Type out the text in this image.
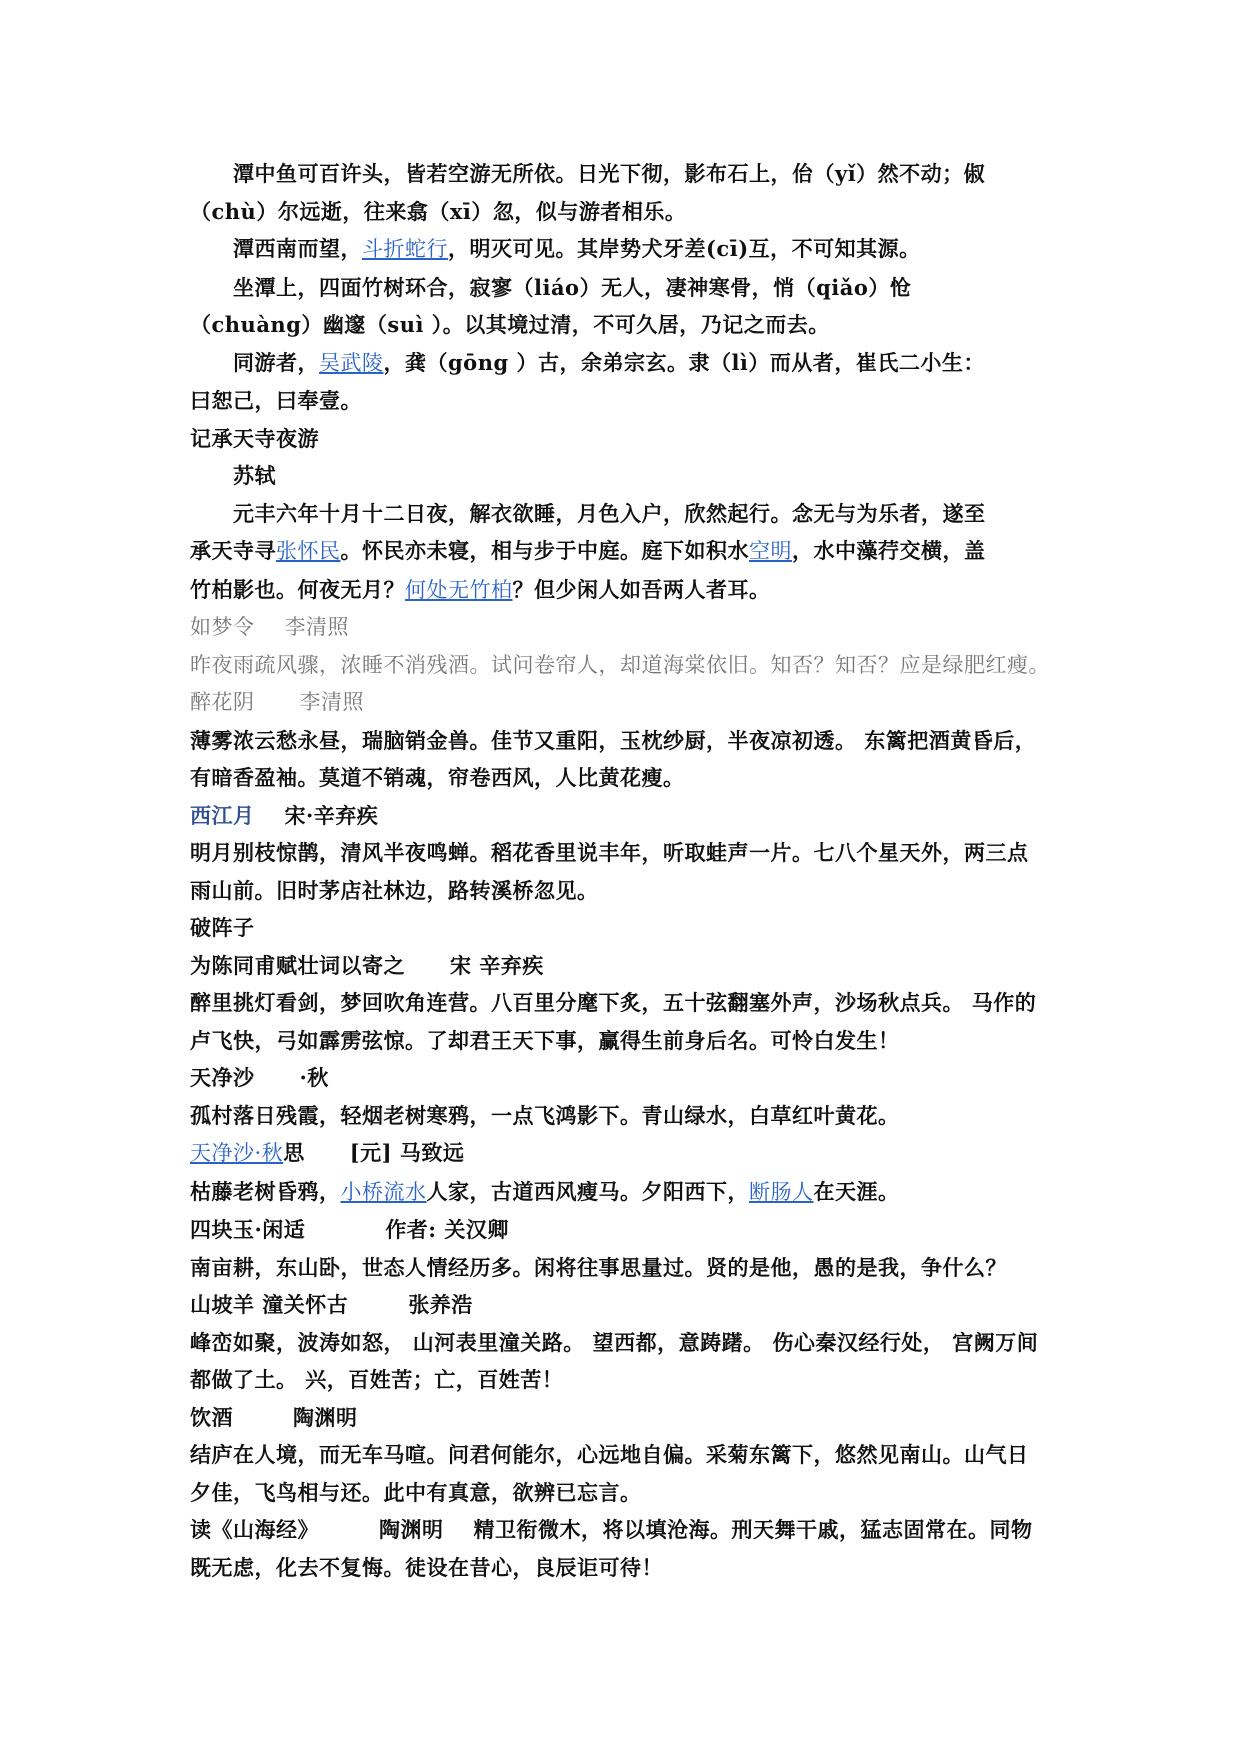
潭中鱼可百许头，皆若空游无所依。日光下彻，影布石上，佁（yǐ）然不动；俶
（chù）尔远逝，往来翕（xī）忽，似与游者相乐。
潭西南而望，斗折蛇行，明灭可见。其岸势犬牙差(cī)互，不可知其源。
坐潭上，四面竹树环合，寂寥（liáo）无人，凄神寒骨，悄（qiǎo）怆
（chuàng）幽邃（suì ）。以其境过清，不可久居，乃记之而去。
同游者，吴武陵，龚（gōng ）古，余弟宗玄。隶（lì）而从者，崔氏二小生：
曰恕己，曰奉壹。
记承天寺夜游
苏轼
元丰六年十月十二日夜，解衣欲睡，月色入户，欣然起行。念无与为乐者，遂至
承天寺寻张怀民。怀民亦未寝，相与步于中庭。庭下如积水空明，水中藻荇交横，盖
竹柏影也。何夜无月？何处无竹柏？但少闲人如吾两人者耳。
如梦令 李清照
昨夜雨疏风骤，浓睡不消残酒。试问卷帘人，却道海棠依旧。知否？知否？应是绿肥红瘦。
醉花阴 李清照
薄雾浓云愁永昼，瑞脑销金兽。佳节又重阳，玉枕纱厨，半夜凉初透。 东篱把酒黄昏后，
有暗香盈袖。莫道不销魂，帘卷西风，人比黄花瘦。
西江月 宋·辛弃疾
明月别枝惊鹊，清风半夜鸣蝉。稻花香里说丰年，听取蛙声一片。七八个星天外，两三点
雨山前。旧时茅店社林边，路转溪桥忽见。
破阵子
为陈同甫赋壮词以寄之 宋 辛弃疾
醉里挑灯看剑，梦回吹角连营。八百里分麾下炙，五十弦翻塞外声，沙场秋点兵。 马作的
卢飞快，弓如霹雳弦惊。了却君王天下事，赢得生前身后名。可怜白发生！
天净沙 ·秋
孤村落日残霞，轻烟老树寒鸦，一点飞鸿影下。青山绿水，白草红叶黄花。
天净沙·秋思 [元] 马致远
枯藤老树昏鸦，小桥流水人家，古道西风瘦马。夕阳西下，断肠人在天涯。
四块玉·闲适	作者: 关汉卿
南亩耕，东山卧，世态人情经历多。闲将往事思量过。贤的是他，愚的是我，争什么？
山坡羊 潼关怀古	张养浩
峰峦如聚，波涛如怒， 山河表里潼关路。 望西都，意踌躇。 伤心秦汉经行处， 宫阙万间
都做了土。 兴，百姓苦；亡，百姓苦！
饮酒	陶渊明
结庐在人境，而无车马喧。问君何能尔，心远地自偏。采菊东篱下，悠然见南山。山气日
夕佳，飞鸟相与还。此中有真意，欲辨已忘言。
读《山海经》	陶渊明 精卫衔微木，将以填沧海。刑天舞干戚，猛志固常在。同物
既无虑，化去不复悔。徒设在昔心，良辰讵可待！
